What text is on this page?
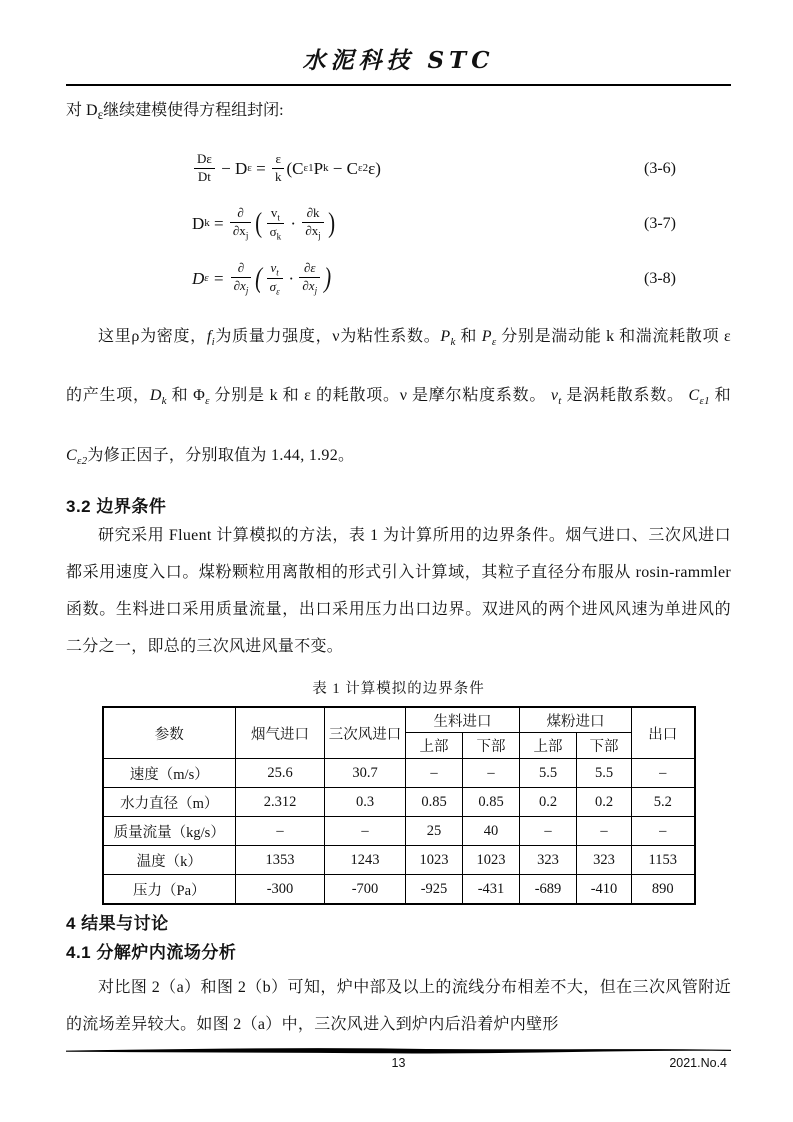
水泥科技 STC
对 $D_\varepsilon$继续建模使得方程组封闭:
$\frac{D\varepsilon}{Dt} - D$ $\varepsilon = \frac{\varepsilon}{k} (C$ ε1 P k − C ε2 ε)	(3-6)
D $k = \frac{\partial}{\partial x_j}$ ( $\frac{v_t}{\sigma_k} \cdot \frac{\partial k}{\partial x_j}$ )	(3-7)
D $\varepsilon = \frac{\partial}{\partial x_j}$ ( $\frac{\nu_t}{\sigma_\varepsilon} \cdot \frac{\partial\varepsilon}{\partial x_j}$ )	(3-8)
这里ρ为密度，$f_i$为质量力强度，ν为粘性系数。$P_k$ 和 $P_\varepsilon$ 分别是湍动能 k 和湍流耗散项 ε 的产生项，$D_k$ 和 $\Phi_\varepsilon$ 分别是 k 和 ε 的耗散项。ν 是摩尔粘度系数。 $\nu_t$ 是涡耗散系数。 $C_{\varepsilon 1}$ 和 $C_{\varepsilon 2}$为修正因子，分别取值为 1.44, 1.92。
3.2 边界条件
研究采用 Fluent 计算模拟的方法，表 1 为计算所用的边界条件。烟气进口、三次风进口都采用速度入口。煤粉颗粒用离散相的形式引入计算域，其粒子直径分布服从 rosin-rammler 函数。生料进口采用质量流量，出口采用压力出口边界。双进风的两个进风风速为单进风的二分之一，即总的三次风进风量不变。
表 1 计算模拟的边界条件
参数	烟气进口	三次风进口	生料进口		煤粉进口		出口
			上部	下部	上部	下部	
速度（m/s）	25.6	30.7	–	–	5.5	5.5	–
水力直径（m）	2.312	0.3	0.85	0.85	0.2	0.2	5.2
质量流量（kg/s）	–	–	25	40	–	–	–
温度（k）	1353	1243	1023	1023	323	323	1153
压力（Pa）	-300	-700	-925	-431	-689	-410	890
4 结果与讨论
4.1 分解炉内流场分析
对比图 2（a）和图 2（b）可知，炉中部及以上的流线分布相差不大，但在三次风管附近的流场差异较大。如图 2（a）中，三次风进入到炉内后沿着炉内壁形
13	2021.No.4
